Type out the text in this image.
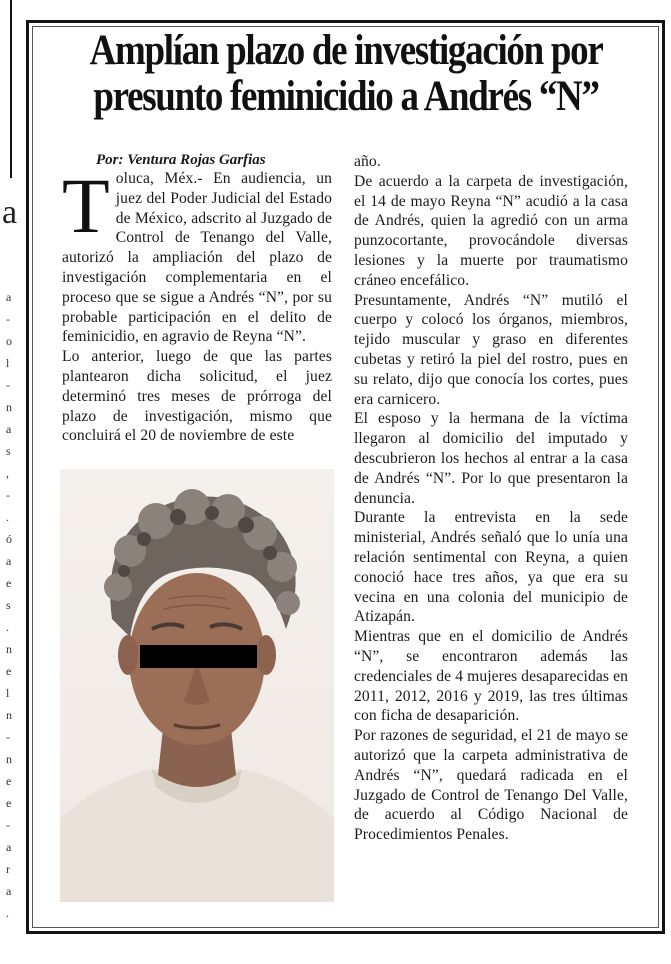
a
a
-
o
l
-
n
a
s
,
-
.
ó
a
e
s
.
n
e
l
n
-
n
e
e
-
a
r
a
.
Amplían plazo de investigación por presunto feminicidio a Andrés “N”
Por: Ventura Rojas Garfias
T oluca, Méx.- En audiencia, un juez del Poder Judicial del Estado de México, adscrito al Juzgado de Control de Tenango del Valle, autorizó la ampliación del plazo de investigación complementaria en el proceso que se sigue a Andrés “N”, por su probable participación en el delito de feminicidio, en agravio de Reyna “N”.

Lo anterior, luego de que las partes plantearon dicha solicitud, el juez determinó tres meses de prórroga del plazo de investigación, mismo que concluirá el 20 de noviembre de este

año.

De acuerdo a la carpeta de investigación, el 14 de mayo Reyna “N” acudió a la casa de Andrés, quien la agredió con un arma punzocortante, provocándole diversas lesiones y la muerte por traumatismo cráneo encefálico.

Presuntamente, Andrés “N” mutiló el cuerpo y colocó los órganos, miembros, tejido muscular y graso en diferentes cubetas y retiró la piel del rostro, pues en su relato, dijo que conocía los cortes, pues era carnicero.

El esposo y la hermana de la víctima llegaron al domicilio del imputado y descubrieron los hechos al entrar a la casa de Andrés “N”. Por lo que presentaron la denuncia.

Durante la entrevista en la sede ministerial, Andrés señaló que lo unía una relación sentimental con Reyna, a quien conoció hace tres años, ya que era su vecina en una colonia del municipio de Atizapán.

Mientras que en el domicilio de Andrés “N”, se encontraron además las credenciales de 4 mujeres desaparecidas en 2011, 2012, 2016 y 2019, las tres últimas con ficha de desaparición.

Por razones de seguridad, el 21 de mayo se autorizó que la carpeta administrativa de Andrés “N”, quedará radicada en el Juzgado de Control de Tenango Del Valle, de acuerdo al Código Nacional de Procedimientos Penales.
